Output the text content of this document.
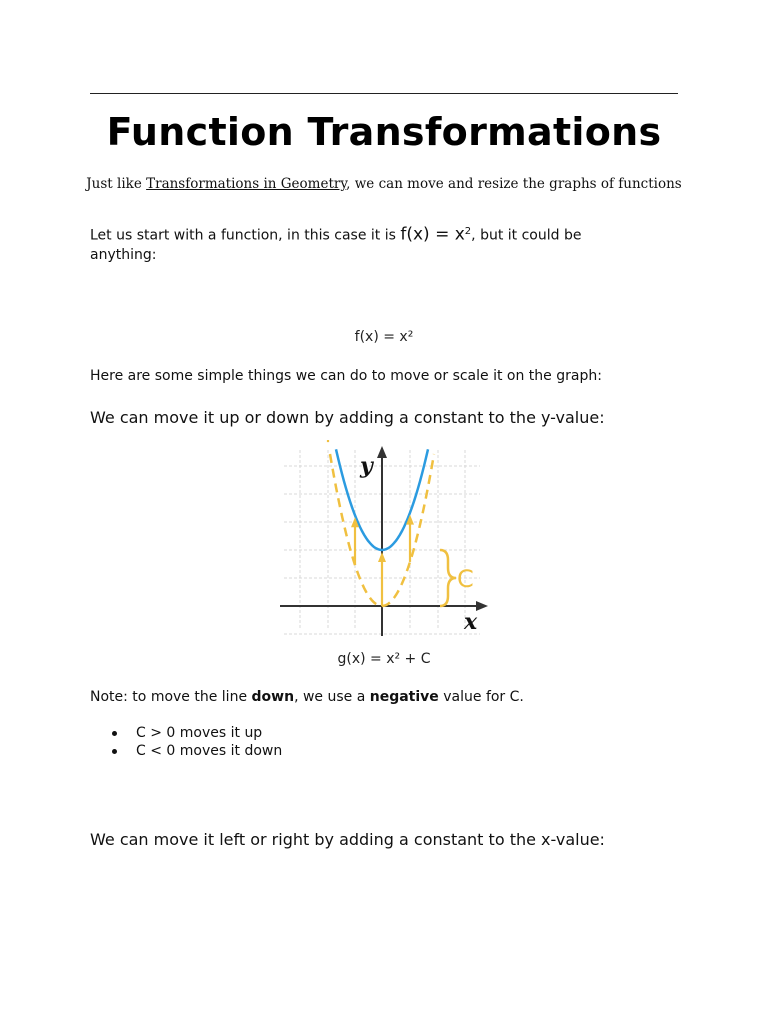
Function Transformations
Just like Transformations in Geometry, we can move and resize the graphs of functions
Let us start with a function, in this case it is $f(x) = x^2$, but it could be anything:
f(x) = x²
Here are some simple things we can do to move or scale it on the graph:
We can move it up or down by adding a constant to the y-value:
C
y
x
g(x) = x² + C
Note: to move the line down, we use a negative value for C.
C > 0 moves it up
C < 0 moves it down
We can move it left or right by adding a constant to the x-value:
